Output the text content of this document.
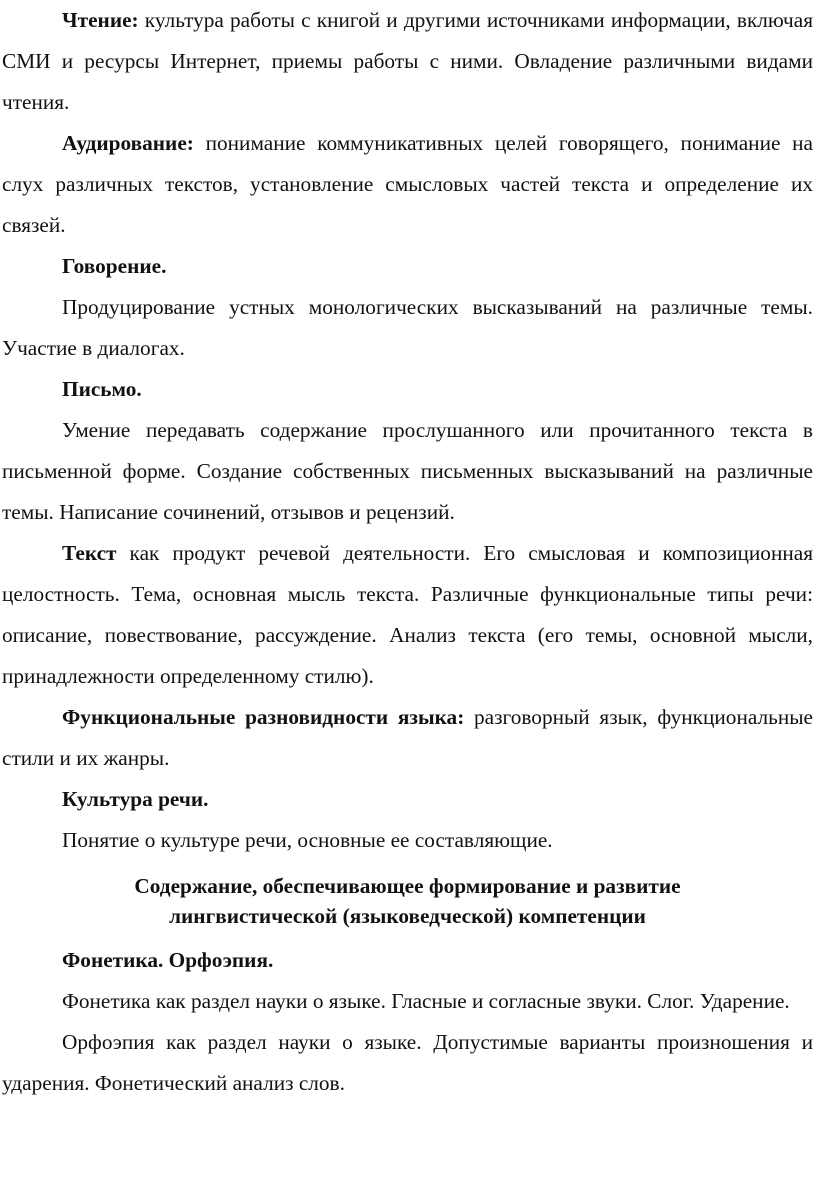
Чтение: культура работы с книгой и другими источниками информации, включая СМИ и ресурсы Интернет, приемы работы с ними. Овладение различными видами чтения.

Аудирование: понимание коммуникативных целей говорящего, понимание на слух различных текстов, установление смысловых частей текста и определение их связей.

Говорение.

Продуцирование устных монологических высказываний на различные темы. Участие в диалогах.

Письмо.

Умение передавать содержание прослушанного или прочитанного текста в письменной форме. Создание собственных письменных высказываний на различные темы. Написание сочинений, отзывов и рецензий.

Текст как продукт речевой деятельности. Его смысловая и композиционная целостность. Тема, основная мысль текста. Различные функциональные типы речи: описание, повествование, рассуждение. Анализ текста (его темы, основной мысли, принадлежности определенному стилю).

Функциональные разновидности языка: разговорный язык, функциональные стили и их жанры.

Культура речи.

Понятие о культуре речи, основные ее составляющие.

Содержание, обеспечивающее формирование и развитие
лингвистической (языковедческой) компетенции

Фонетика. Орфоэпия.

Фонетика как раздел науки о языке. Гласные и согласные звуки. Слог. Ударение.

Орфоэпия как раздел науки о языке. Допустимые варианты произношения и ударения. Фонетический анализ слов.
